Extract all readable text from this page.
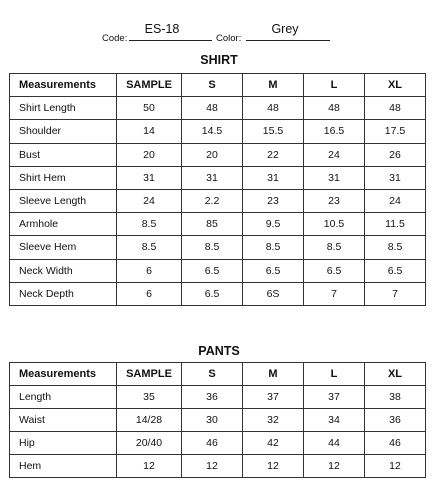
Code:
ES-18
Color:
Grey
SHIRT
Measurements	SAMPLE	S	M	L	XL
Shirt Length	50	48	48	48	48
Shoulder	14	14.5	15.5	16.5	17.5
Bust	20	20	22	24	26
Shirt Hem	31	31	31	31	31
Sleeve Length	24	2.2	23	23	24
Armhole	8.5	85	9.5	10.5	11.5
Sleeve Hem	8.5	8.5	8.5	8.5	8.5
Neck Width	6	6.5	6.5	6.5	6.5
Neck Depth	6	6.5	6S	7	7
PANTS
Measurements	SAMPLE	S	M	L	XL
Length	35	36	37	37	38
Waist	14/28	30	32	34	36
Hip	20/40	46	42	44	46
Hem	12	12	12	12	12
